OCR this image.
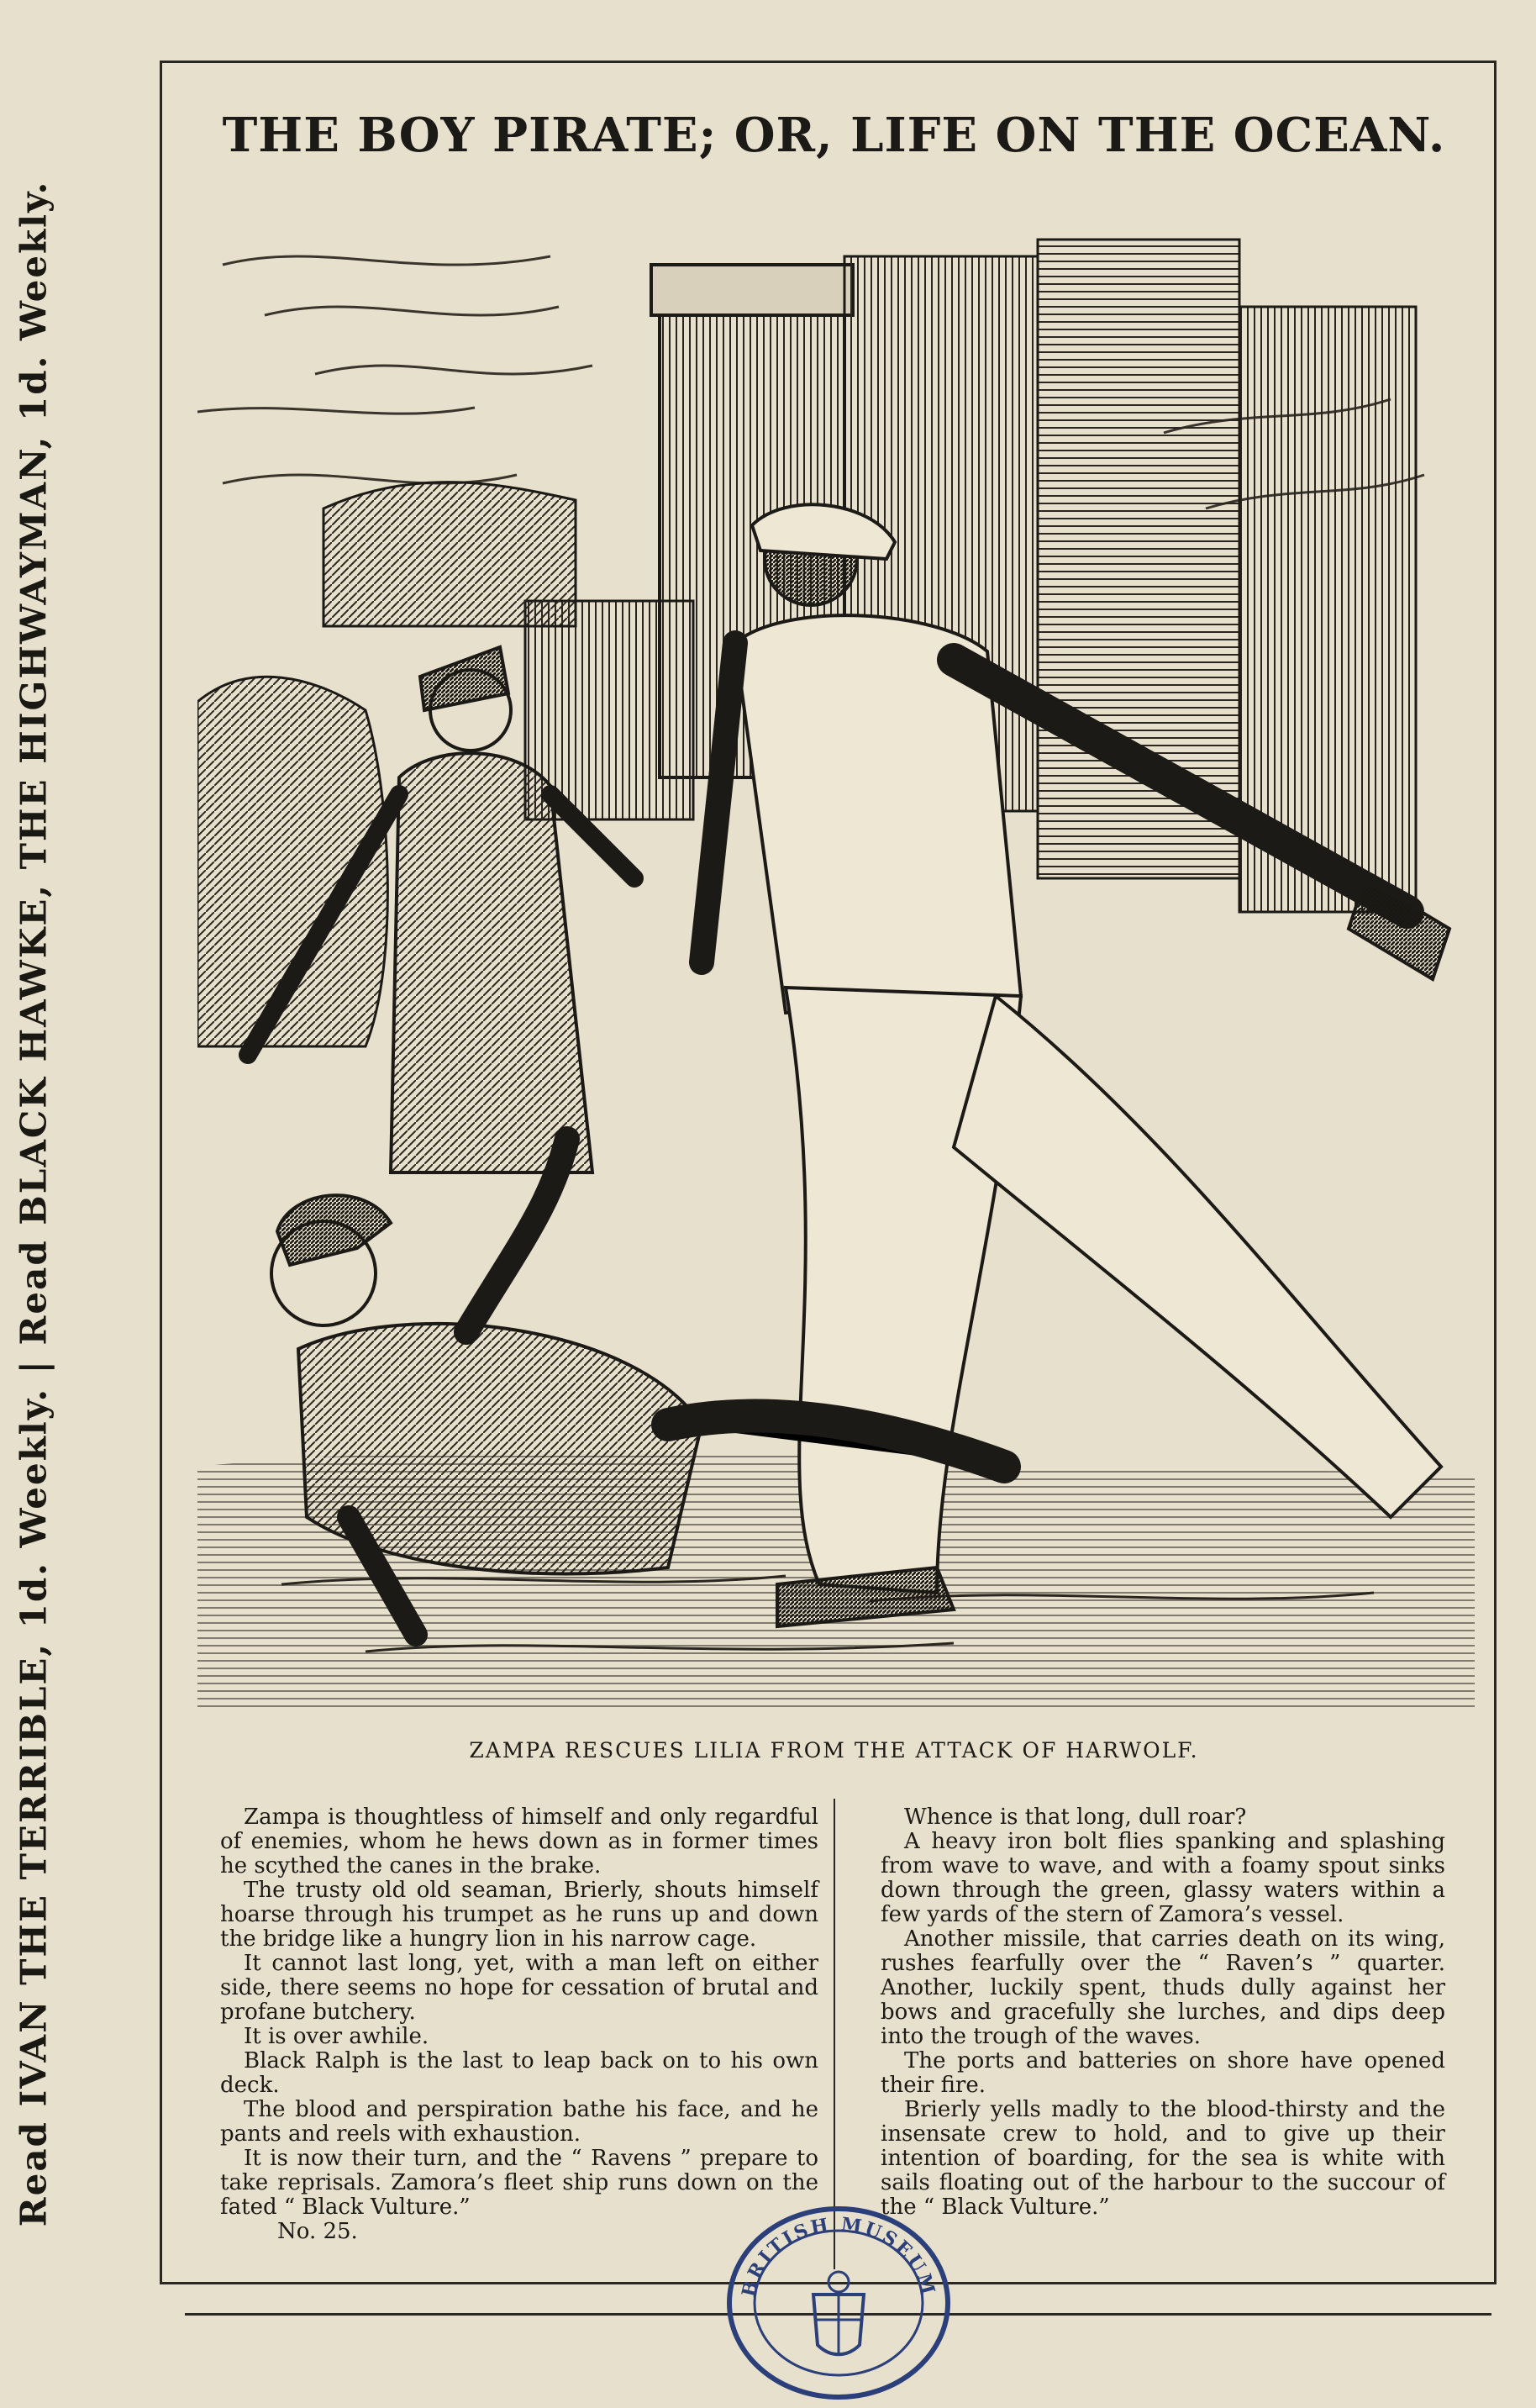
Read IVAN THE TERRIBLE, 1d. Weekly. | Read BLACK HAWKE, THE HIGHWAYMAN, 1d. Weekly.
THE BOY PIRATE; OR, LIFE ON THE OCEAN.
ZAMPA RESCUES LILIA FROM THE ATTACK OF HARWOLF.

Zampa is thoughtless of himself and only regardful of enemies, whom he hews down as in former times he scythed the canes in the brake.

The trusty old old seaman, Brierly, shouts himself hoarse through his trumpet as he runs up and down the bridge like a hungry lion in his narrow cage.

It cannot last long, yet, with a man left on either side, there seems no hope for cessation of brutal and profane butchery.

It is over awhile.

Black Ralph is the last to leap back on to his own deck.

The blood and perspiration bathe his face, and he pants and reels with exhaustion.

It is now their turn, and the “ Ravens ” prepare to take reprisals. Zamora’s fleet ship runs down on the fated “ Black Vulture.”

No. 25.

Whence is that long, dull roar?

A heavy iron bolt flies spanking and splashing from wave to wave, and with a foamy spout sinks down through the green, glassy waters within a few yards of the stern of Zamora’s vessel.

Another missile, that carries death on its wing, rushes fearfully over the “ Raven’s ” quarter. Another, luckily spent, thuds dully against her bows and gracefully she lurches, and dips deep into the trough of the waves.

The ports and batteries on shore have opened their fire.

Brierly yells madly to the blood-thirsty and the insensate crew to hold, and to give up their intention of boarding, for the sea is white with sails floating out of the harbour to the succour of the “ Black Vulture.”

BRITISH MUSEUM
